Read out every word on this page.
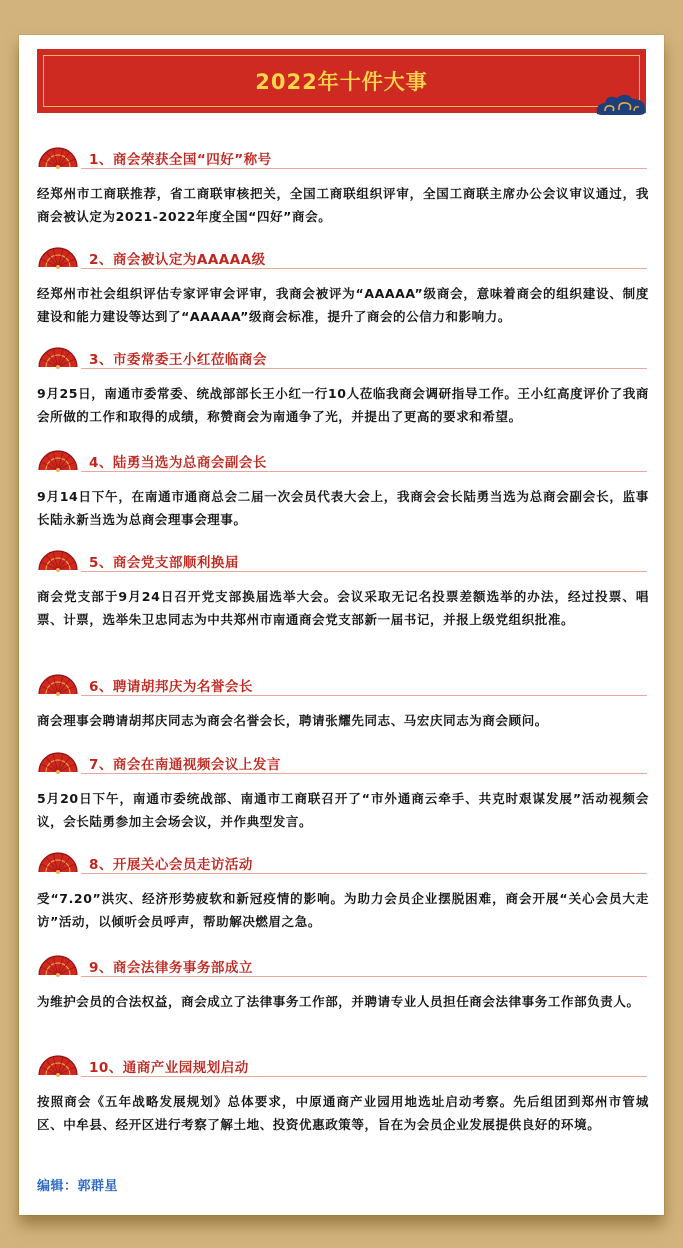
2022年十件大事
1、商会荣获全国“四好”称号
经郑州市工商联推荐，省工商联审核把关，全国工商联组织评审，全国工商联主席办公会议审议通过，我商会被认定为2021-2022年度全国“四好”商会。
2、商会被认定为AAAAA级
经郑州市社会组织评估专家评审会评审，我商会被评为“AAAAA”级商会，意味着商会的组织建设、制度建设和能力建设等达到了“AAAAA”级商会标准，提升了商会的公信力和影响力。
3、市委常委王小红莅临商会
9月25日，南通市委常委、统战部部长王小红一行10人莅临我商会调研指导工作。王小红高度评价了我商会所做的工作和取得的成绩，称赞商会为南通争了光，并提出了更高的要求和希望。
4、陆勇当选为总商会副会长
9月14日下午，在南通市通商总会二届一次会员代表大会上，我商会会长陆勇当选为总商会副会长，监事长陆永新当选为总商会理事会理事。
5、商会党支部顺利换届
商会党支部于9月24日召开党支部换届选举大会。会议采取无记名投票差额选举的办法，经过投票、唱票、计票，选举朱卫忠同志为中共郑州市南通商会党支部新一届书记，并报上级党组织批准。
6、聘请胡邦庆为名誉会长
商会理事会聘请胡邦庆同志为商会名誉会长，聘请张耀先同志、马宏庆同志为商会顾问。
7、商会在南通视频会议上发言
5月20日下午，南通市委统战部、南通市工商联召开了“市外通商云牵手、共克时艰谋发展”活动视频会议，会长陆勇参加主会场会议，并作典型发言。
8、开展关心会员走访活动
受“7.20”洪灾、经济形势疲软和新冠疫情的影响。为助力会员企业摆脱困难，商会开展“关心会员大走访”活动，以倾听会员呼声，帮助解决燃眉之急。
9、商会法律务事务部成立
为维护会员的合法权益，商会成立了法律事务工作部，并聘请专业人员担任商会法律事务工作部负责人。
10、通商产业园规划启动
按照商会《五年战略发展规划》总体要求，中原通商产业园用地选址启动考察。先后组团到郑州市管城区、中牟县、经开区进行考察了解土地、投资优惠政策等，旨在为会员企业发展提供良好的环境。
编辑：郭群星
